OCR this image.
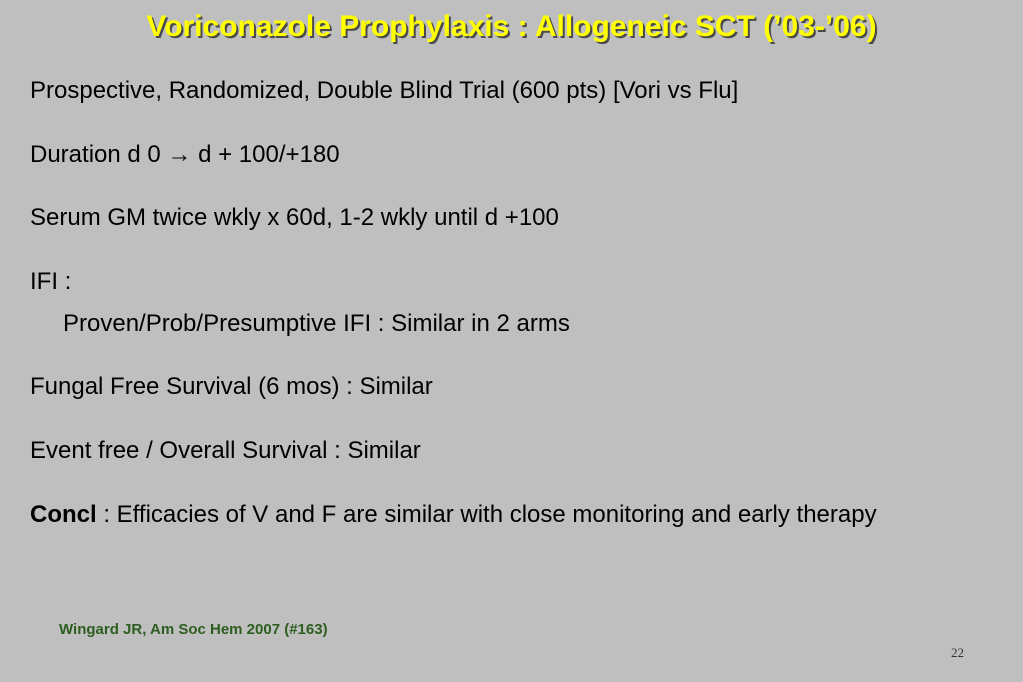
Voriconazole Prophylaxis : Allogeneic SCT (’03-’06)

Prospective, Randomized, Double Blind Trial (600 pts) [Vori vs Flu]

Duration d 0 → d + 100/+180

Serum GM twice wkly x 60d, 1-2 wkly until d +100

IFI :

Proven/Prob/Presumptive IFI : Similar in 2 arms

Fungal Free Survival (6 mos) : Similar

Event free / Overall Survival : Similar

Concl : Efficacies of V and F are similar with close monitoring and early therapy

Wingard JR, Am Soc Hem 2007 (#163)

22
